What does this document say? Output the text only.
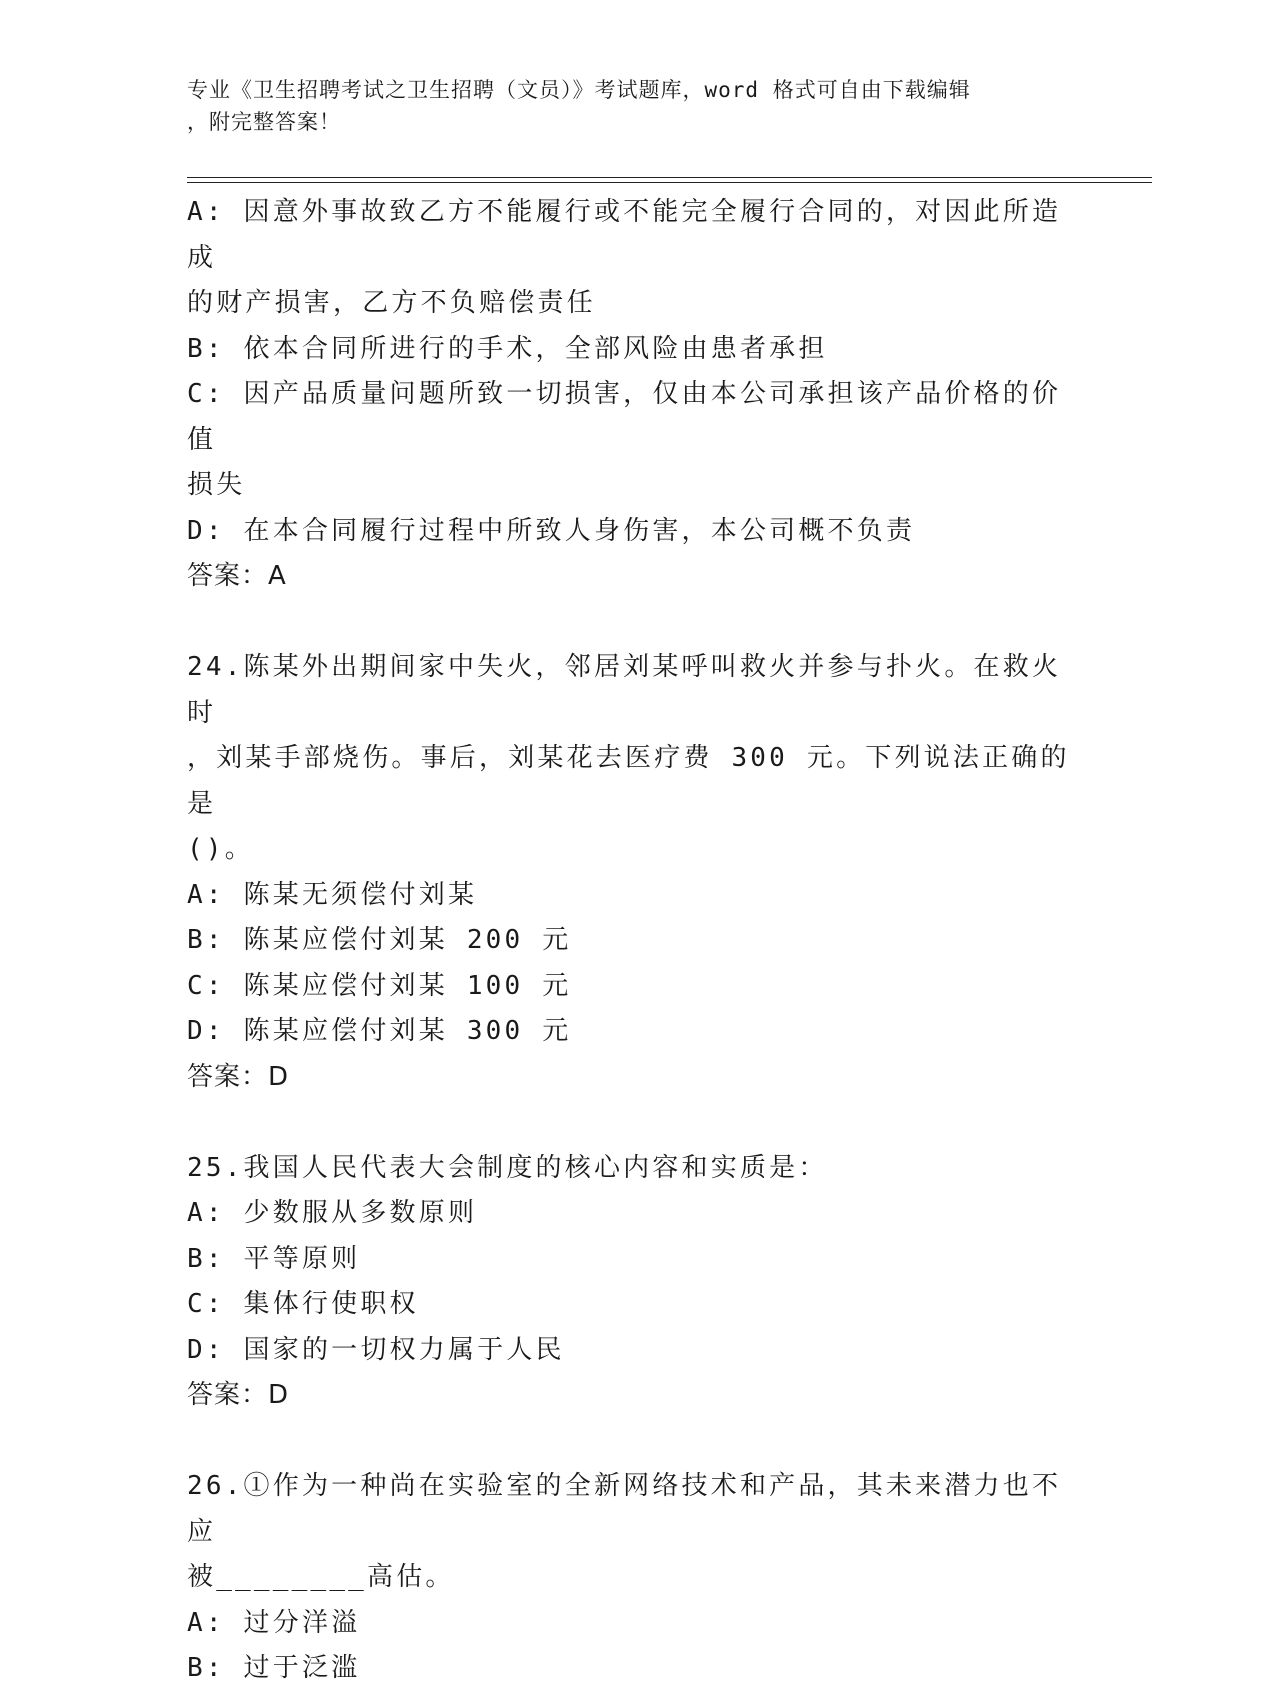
专业《卫生招聘考试之卫生招聘（文员）》考试题库，word 格式可自由下载编辑
，附完整答案！
A: 因意外事故致乙方不能履行或不能完全履行合同的，对因此所造成
的财产损害，乙方不负赔偿责任
B: 依本合同所进行的手术，全部风险由患者承担
C: 因产品质量问题所致一切损害，仅由本公司承担该产品价格的价值
损失
D: 在本合同履行过程中所致人身伤害，本公司概不负责
答案：A
24.陈某外出期间家中失火，邻居刘某呼叫救火并参与扑火。在救火时
，刘某手部烧伤。事后，刘某花去医疗费 300 元。下列说法正确的是
()。
A: 陈某无须偿付刘某
B: 陈某应偿付刘某 200 元
C: 陈某应偿付刘某 100 元
D: 陈某应偿付刘某 300 元
答案：D
25.我国人民代表大会制度的核心内容和实质是：
A: 少数服从多数原则
B: 平等原则
C: 集体行使职权
D: 国家的一切权力属于人民
答案：D
26.①作为一种尚在实验室的全新网络技术和产品，其未来潜力也不应
被________高估。
A: 过分洋溢
B: 过于泛滥
